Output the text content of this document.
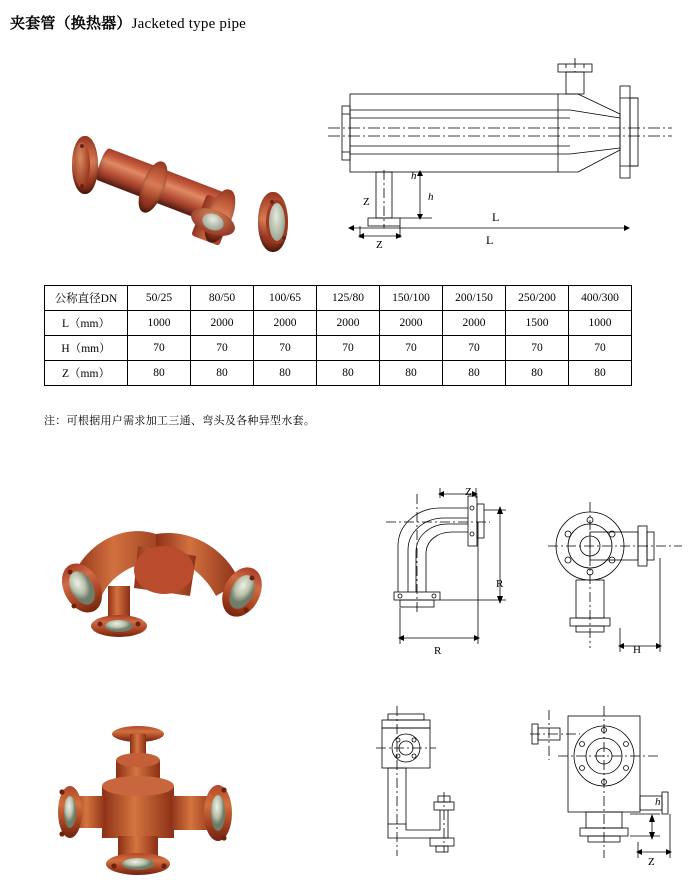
夹套管（换热器）Jacketed type pipe
h
Z	L
h
Z
L
公称直径DN	50/25	80/50	100/65	125/80	150/100	200/150	250/200	400/300
L（mm）	1000	2000	2000	2000	2000	2000	1500	1000
H（mm）	70	70	70	70	70	70	70	70
Z（mm）	80	80	80	80	80	80	80	80
注：可根据用户需求加工三通、弯头及各种异型水套。
Z
R
R	H
h
Z
